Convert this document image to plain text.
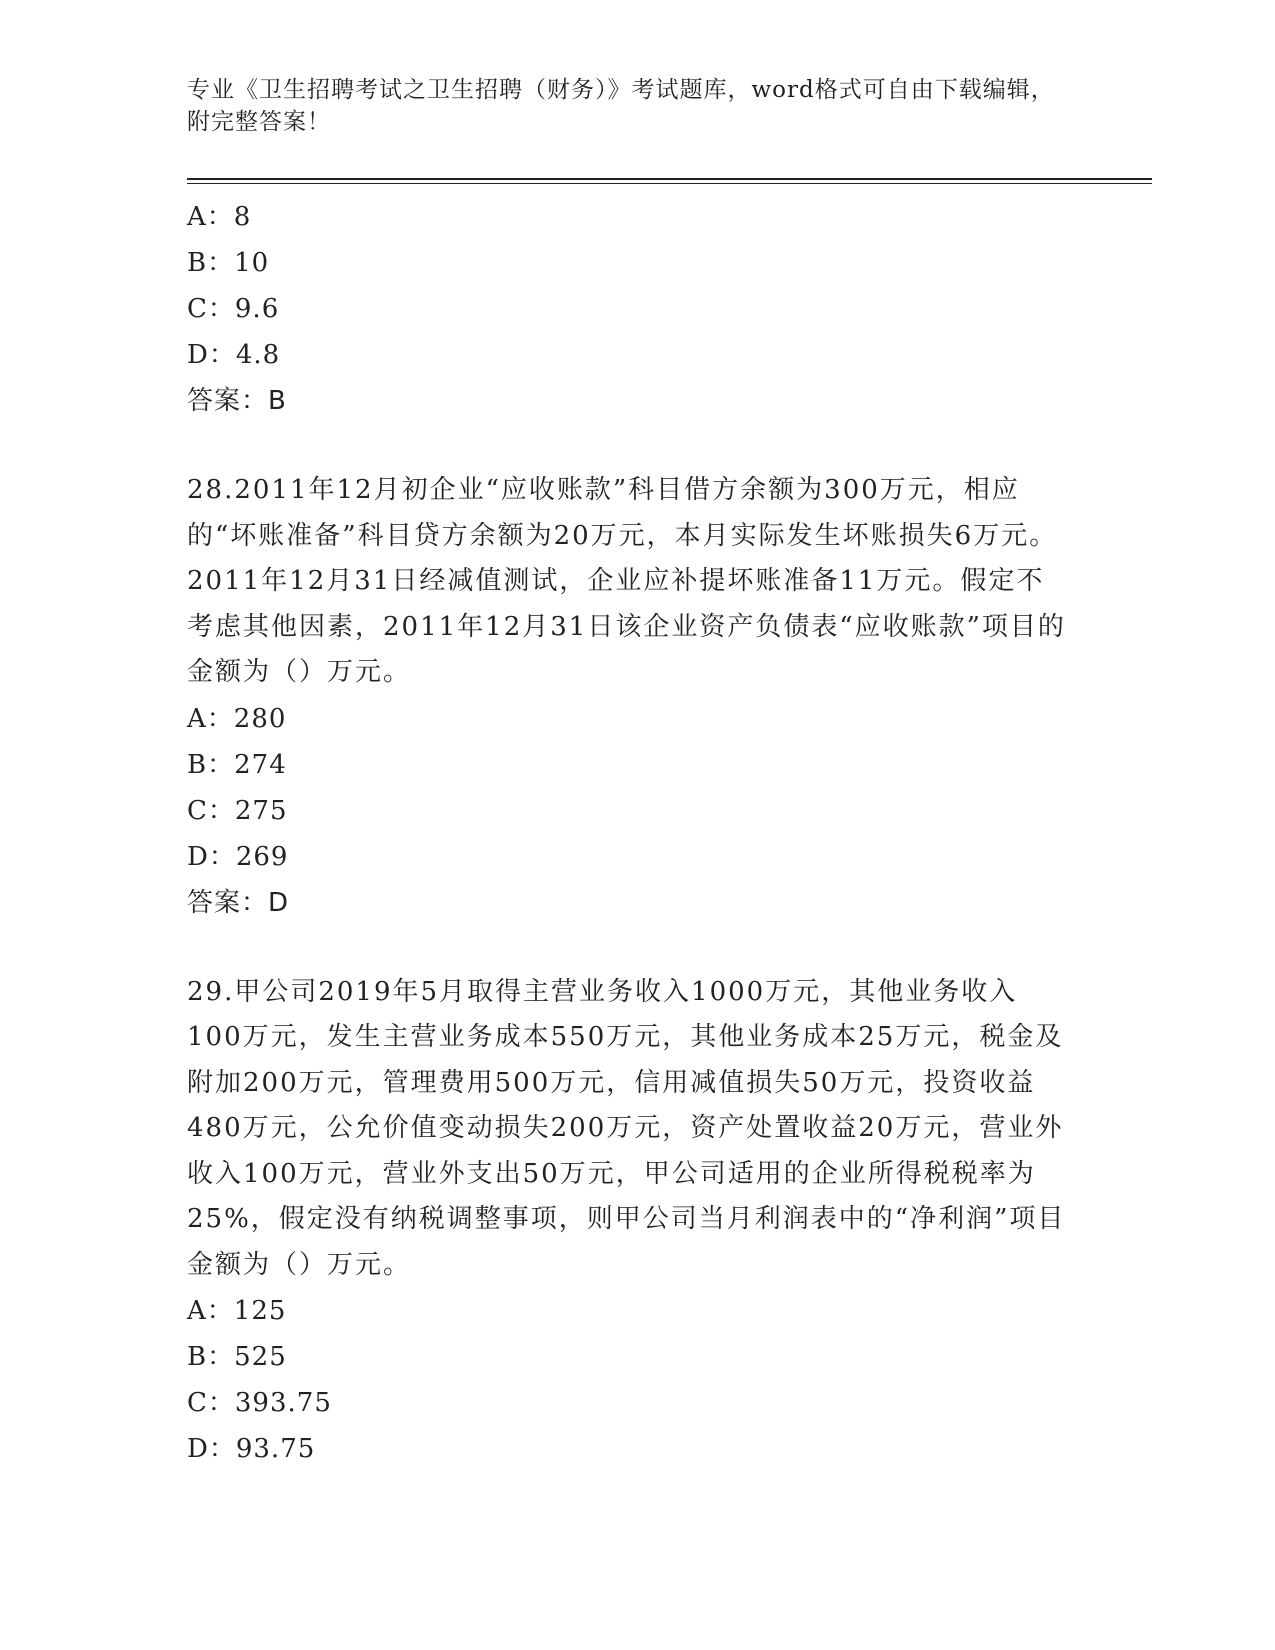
专业《卫生招聘考试之卫生招聘（财务）》考试题库，word格式可自由下载编辑，附完整答案！
A：8
B：10
C：9.6
D：4.8
答案：B
28.2011年12月初企业“应收账款”科目借方余额为300万元，相应的“坏账准备”科目贷方余额为20万元，本月实际发生坏账损失6万元。2011年12月31日经减值测试，企业应补提坏账准备11万元。假定不考虑其他因素，2011年12月31日该企业资产负债表“应收账款”项目的金额为（）万元。
A：280
B：274
C：275
D：269
答案：D
29.甲公司2019年5月取得主营业务收入1000万元，其他业务收入100万元，发生主营业务成本550万元，其他业务成本25万元，税金及附加200万元，管理费用500万元，信用减值损失50万元，投资收益480万元，公允价值变动损失200万元，资产处置收益20万元，营业外收入100万元，营业外支出50万元，甲公司适用的企业所得税税率为25%，假定没有纳税调整事项，则甲公司当月利润表中的“净利润”项目金额为（）万元。
A：125
B：525
C：393.75
D：93.75
